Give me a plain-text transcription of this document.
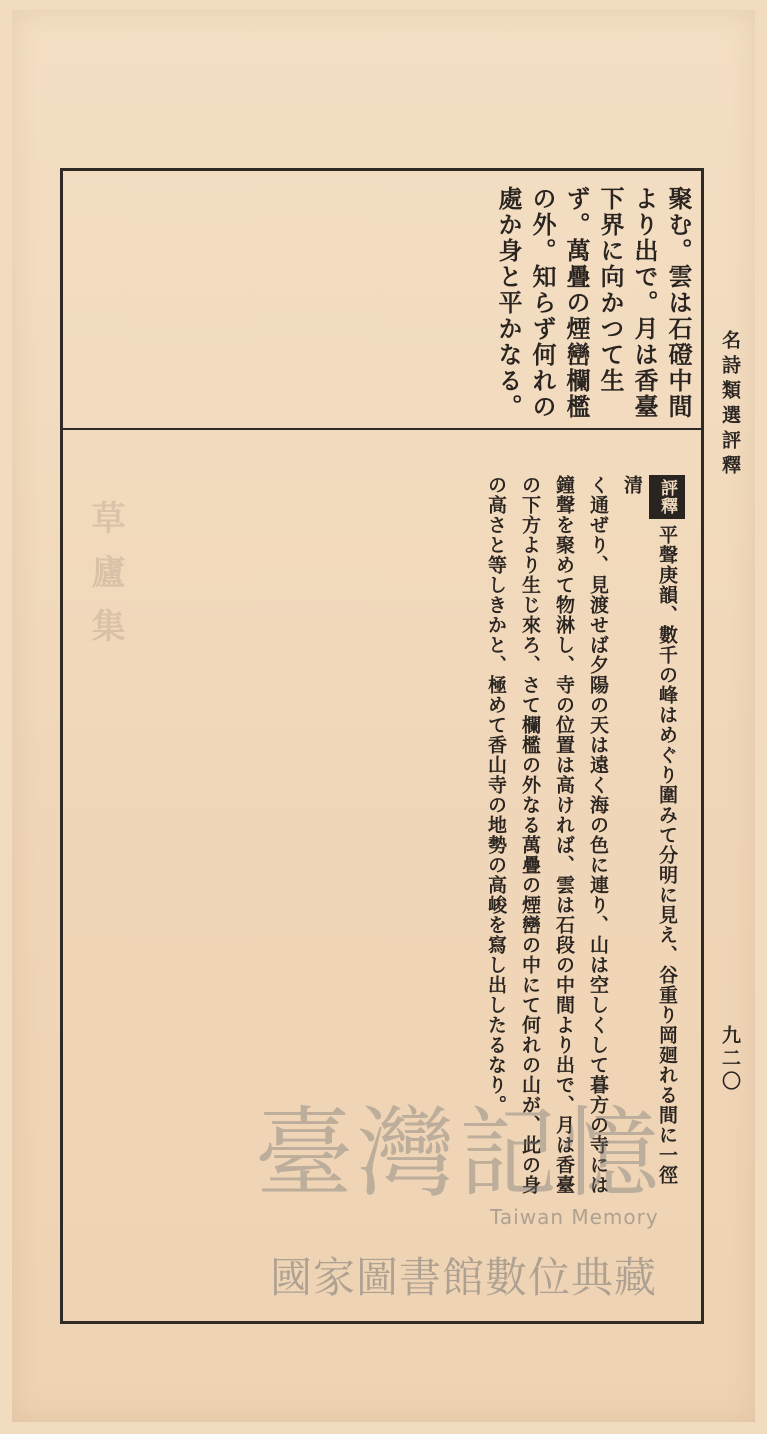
名詩類選評釋
九二〇
聚む。雲は石磴中間
より出で。月は香臺
下界に向かつて生
ず。萬疊の煙巒欄檻
の外。知らず何れの
處か身と平かなる。
評釋平聲庚韻、數千の峰はめぐり圍みて分明に見え、谷重り岡廻れる間に一徑清
く通ぜり、見渡せば夕陽の天は遠く海の色に連り、山は空しくして暮方の寺には
鐘聲を聚めて物淋し、寺の位置は高ければ、雲は石段の中間より出で、月は香臺
の下方より生じ來ろ、さて欄檻の外なる萬疊の煙巒の中にて何れの山が、此の身
の高さと等しきかと、極めて香山寺の地勢の高峻を寫し出したるなり。
草廬集
臺灣記憶
Taiwan Memory
國家圖書館數位典藏
